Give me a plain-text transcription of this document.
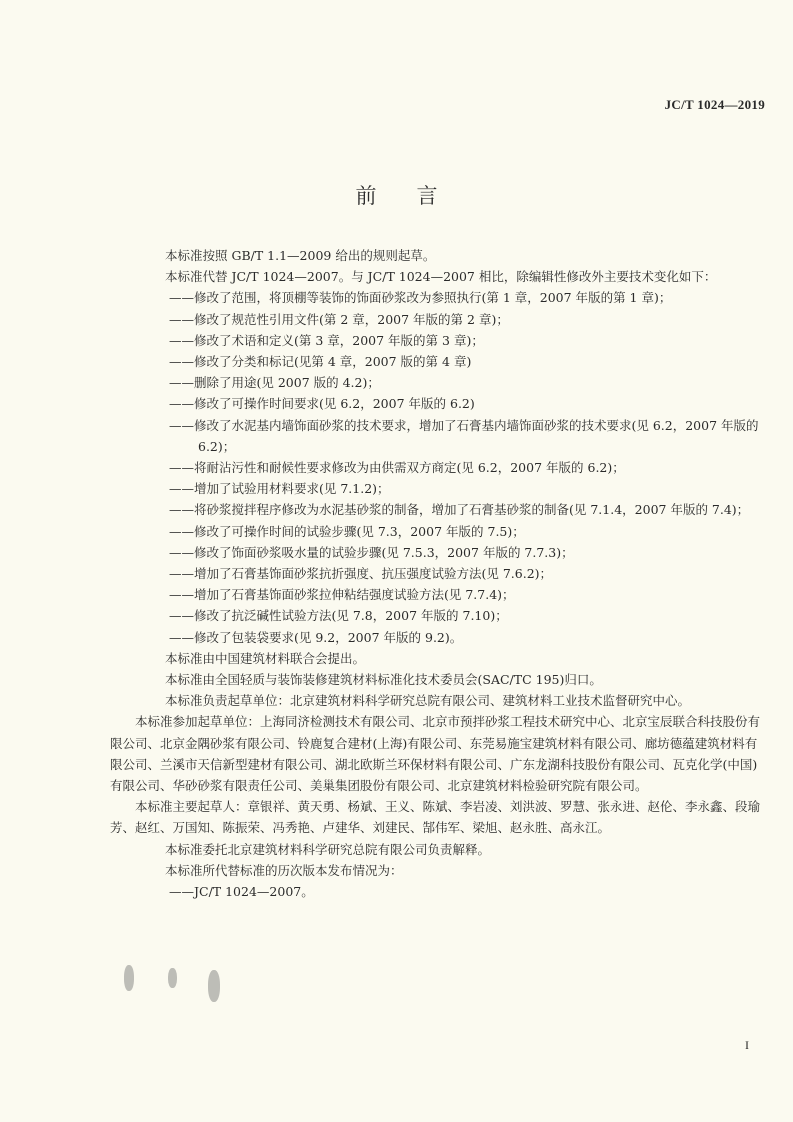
JC/T 1024—2019
前言

本标准按照 GB/T 1.1—2009 给出的规则起草。

本标准代替 JC/T 1024—2007。与 JC/T 1024—2007 相比，除编辑性修改外主要技术变化如下：

——修改了范围，将顶棚等装饰的饰面砂浆改为参照执行(第 1 章，2007 年版的第 1 章)；

——修改了规范性引用文件(第 2 章，2007 年版的第 2 章)；

——修改了术语和定义(第 3 章，2007 年版的第 3 章)；

——修改了分类和标记(见第 4 章，2007 版的第 4 章)

——删除了用途(见 2007 版的 4.2)；

——修改了可操作时间要求(见 6.2，2007 年版的 6.2)

——修改了水泥基内墙饰面砂浆的技术要求，增加了石膏基内墙饰面砂浆的技术要求(见 6.2，2007 年版的 6.2)；

——将耐沾污性和耐候性要求修改为由供需双方商定(见 6.2，2007 年版的 6.2)；

——增加了试验用材料要求(见 7.1.2)；

——将砂浆搅拌程序修改为水泥基砂浆的制备，增加了石膏基砂浆的制备(见 7.1.4，2007 年版的 7.4)；

——修改了可操作时间的试验步骤(见 7.3，2007 年版的 7.5)；

——修改了饰面砂浆吸水量的试验步骤(见 7.5.3，2007 年版的 7.7.3)；

——增加了石膏基饰面砂浆抗折强度、抗压强度试验方法(见 7.6.2)；

——增加了石膏基饰面砂浆拉伸粘结强度试验方法(见 7.7.4)；

——修改了抗泛碱性试验方法(见 7.8，2007 年版的 7.10)；

——修改了包装袋要求(见 9.2，2007 年版的 9.2)。

本标准由中国建筑材料联合会提出。

本标准由全国轻质与装饰装修建筑材料标准化技术委员会(SAC/TC 195)归口。

本标准负责起草单位：北京建筑材料科学研究总院有限公司、建筑材料工业技术监督研究中心。

本标准参加起草单位：上海同济检测技术有限公司、北京市预拌砂浆工程技术研究中心、北京宝辰联合科技股份有限公司、北京金隅砂浆有限公司、铃鹿复合建材(上海)有限公司、东莞易施宝建筑材料有限公司、廊坊德蕴建筑材料有限公司、兰溪市天信新型建材有限公司、湖北欧斯兰环保材料有限公司、广东龙湖科技股份有限公司、瓦克化学(中国)有限公司、华砂砂浆有限责任公司、美巢集团股份有限公司、北京建筑材料检验研究院有限公司。

本标准主要起草人：章银祥、黄天勇、杨斌、王义、陈斌、李岩凌、刘洪波、罗慧、张永进、赵伦、李永鑫、段瑜芳、赵红、万国知、陈振荣、冯秀艳、卢建华、刘建民、郜伟军、梁旭、赵永胜、高永江。

本标准委托北京建筑材料科学研究总院有限公司负责解释。

本标准所代替标准的历次版本发布情况为：

——JC/T 1024—2007。

I
